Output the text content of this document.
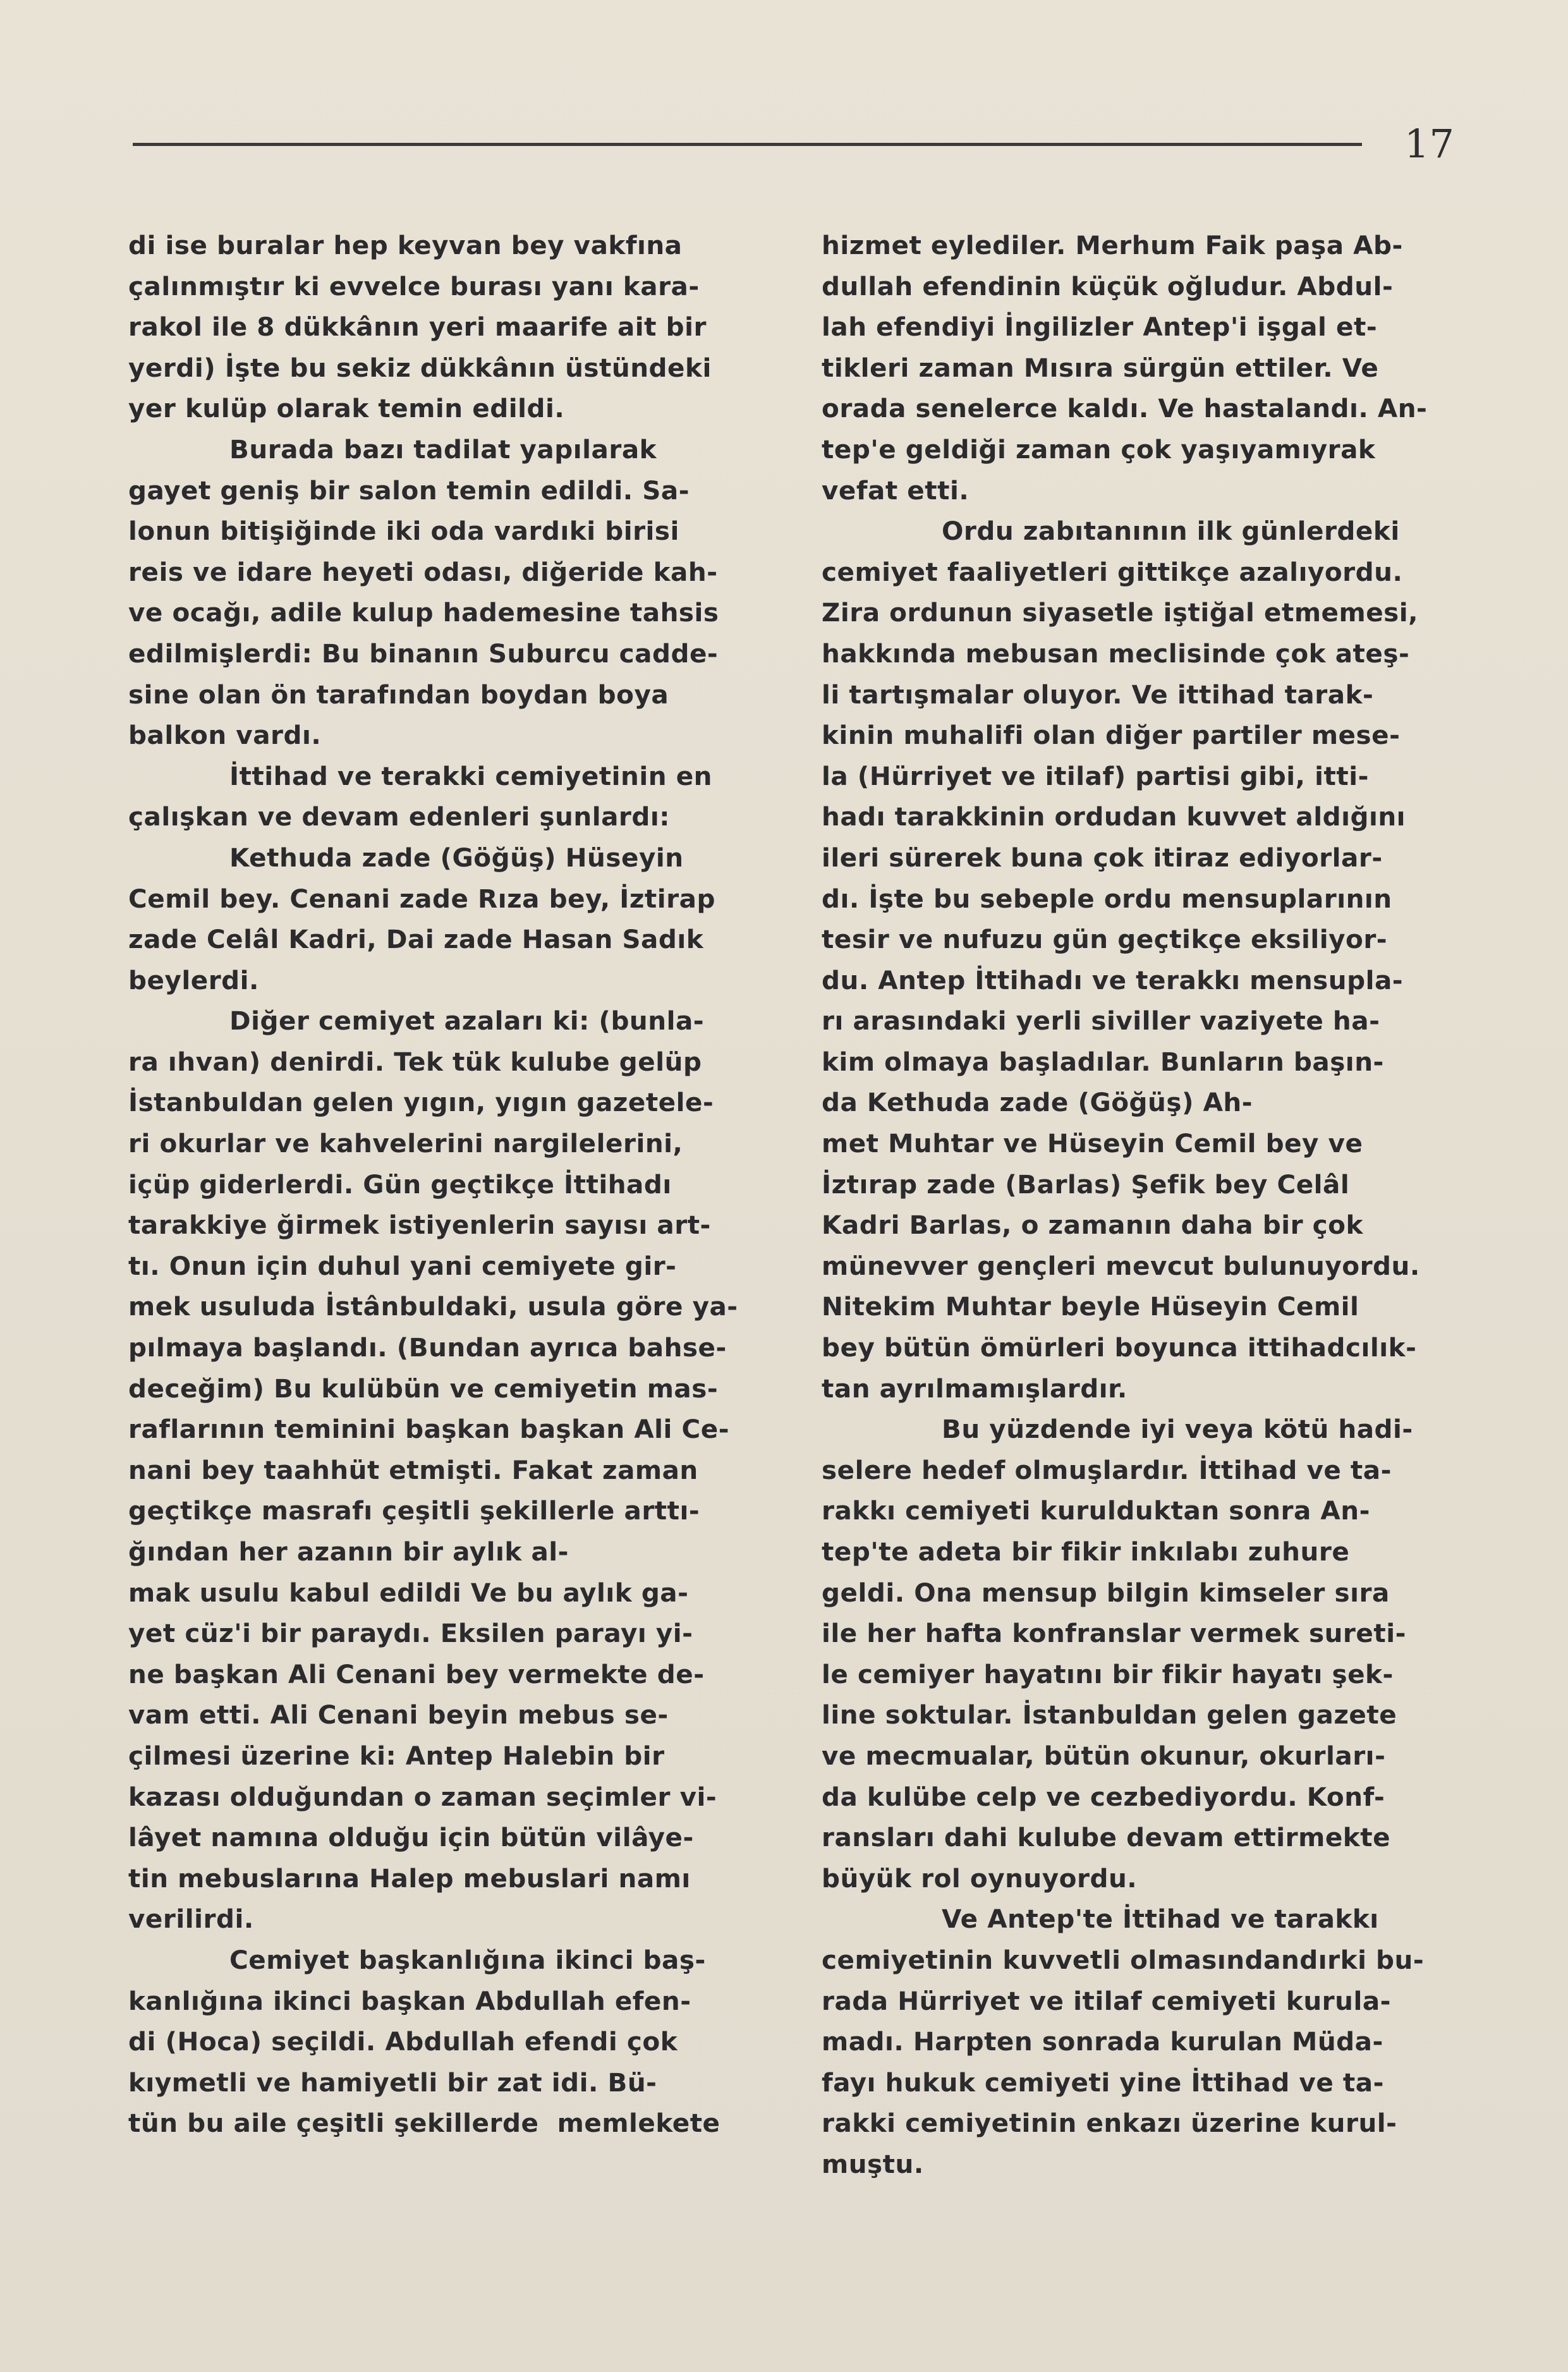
17
di ise buralar hep keyvan bey vakfına
çalınmıştır ki evvelce burası yanı kara-
rakol ile 8 dükkânın yeri maarife ait bir
yerdi) İşte bu sekiz dükkânın üstündeki
yer kulüp olarak temin edildi.
Burada bazı tadilat yapılarak
gayet geniş bir salon temin edildi. Sa-
lonun bitişiğinde iki oda vardıki birisi
reis ve idare heyeti odası, diğeride kah-
ve ocağı, adile kulup hademesine tahsis
edilmişlerdi: Bu binanın Suburcu cadde-
sine olan ön tarafından boydan boya
balkon vardı.
İttihad ve terakki cemiyetinin en
çalışkan ve devam edenleri şunlardı:
Kethuda zade (Göğüş) Hüseyin
Cemil bey. Cenani zade Rıza bey, İztirap
zade Celâl Kadri, Dai zade Hasan Sadık
beylerdi.
Diğer cemiyet azaları ki: (bunla-
ra ıhvan) denirdi. Tek tük kulube gelüp
İstanbuldan gelen yıgın, yıgın gazetele-
ri okurlar ve kahvelerini nargilelerini,
içüp giderlerdi. Gün geçtikçe İttihadı
tarakkiye ğirmek istiyenlerin sayısı art-
tı. Onun için duhul yani cemiyete gir-
mek usuluda İstânbuldaki, usula göre ya-
pılmaya başlandı. (Bundan ayrıca bahse-
deceğim) Bu kulübün ve cemiyetin mas-
raflarının teminini başkan başkan Ali Ce-
nani bey taahhüt etmişti. Fakat zaman
geçtikçe masrafı çeşitli şekillerle arttı-
ğından her azanın bir aylık al-
mak usulu kabul edildi Ve bu aylık ga-
yet cüz'i bir paraydı. Eksilen parayı yi-
ne başkan Ali Cenani bey vermekte de-
vam etti. Ali Cenani beyin mebus se-
çilmesi üzerine ki: Antep Halebin bir
kazası olduğundan o zaman seçimler vi-
lâyet namına olduğu için bütün vilâye-
tin mebuslarına Halep mebuslari namı
verilirdi.
Cemiyet başkanlığına ikinci baş-
kanlığına ikinci başkan Abdullah efen-
di (Hoca) seçildi. Abdullah efendi çok
kıymetli ve hamiyetli bir zat idi. Bü-
tün bu aile çeşitli şekillerde  memlekete
hizmet eylediler. Merhum Faik paşa Ab-
dullah efendinin küçük oğludur. Abdul-
lah efendiyi İngilizler Antep'i işgal et-
tikleri zaman Mısıra sürgün ettiler. Ve
orada senelerce kaldı. Ve hastalandı. An-
tep'e geldiği zaman çok yaşıyamıyrak
vefat etti.
Ordu zabıtanının ilk günlerdeki
cemiyet faaliyetleri gittikçe azalıyordu.
Zira ordunun siyasetle iştiğal etmemesi,
hakkında mebusan meclisinde çok ateş-
li tartışmalar oluyor. Ve ittihad tarak-
kinin muhalifi olan diğer partiler mese-
la (Hürriyet ve itilaf) partisi gibi, itti-
hadı tarakkinin ordudan kuvvet aldığını
ileri sürerek buna çok itiraz ediyorlar-
dı. İşte bu sebeple ordu mensuplarının
tesir ve nufuzu gün geçtikçe eksiliyor-
du. Antep İttihadı ve terakkı mensupla-
rı arasındaki yerli siviller vaziyete ha-
kim olmaya başladılar. Bunların başın-
da Kethuda zade (Göğüş) Ah-
met Muhtar ve Hüseyin Cemil bey ve
İztırap zade (Barlas) Şefik bey Celâl
Kadri Barlas, o zamanın daha bir çok
münevver gençleri mevcut bulunuyordu.
Nitekim Muhtar beyle Hüseyin Cemil
bey bütün ömürleri boyunca ittihadcılık-
tan ayrılmamışlardır.
Bu yüzdende iyi veya kötü hadi-
selere hedef olmuşlardır. İttihad ve ta-
rakkı cemiyeti kurulduktan sonra An-
tep'te adeta bir fikir inkılabı zuhure
geldi. Ona mensup bilgin kimseler sıra
ile her hafta konfranslar vermek sureti-
le cemiyer hayatını bir fikir hayatı şek-
line soktular. İstanbuldan gelen gazete
ve mecmualar, bütün okunur, okurları-
da kulübe celp ve cezbediyordu. Konf-
ransları dahi kulube devam ettirmekte
büyük rol oynuyordu.
Ve Antep'te İttihad ve tarakkı
cemiyetinin kuvvetli olmasındandırki bu-
rada Hürriyet ve itilaf cemiyeti kurula-
madı. Harpten sonrada kurulan Müda-
fayı hukuk cemiyeti yine İttihad ve ta-
rakki cemiyetinin enkazı üzerine kurul-
muştu.
